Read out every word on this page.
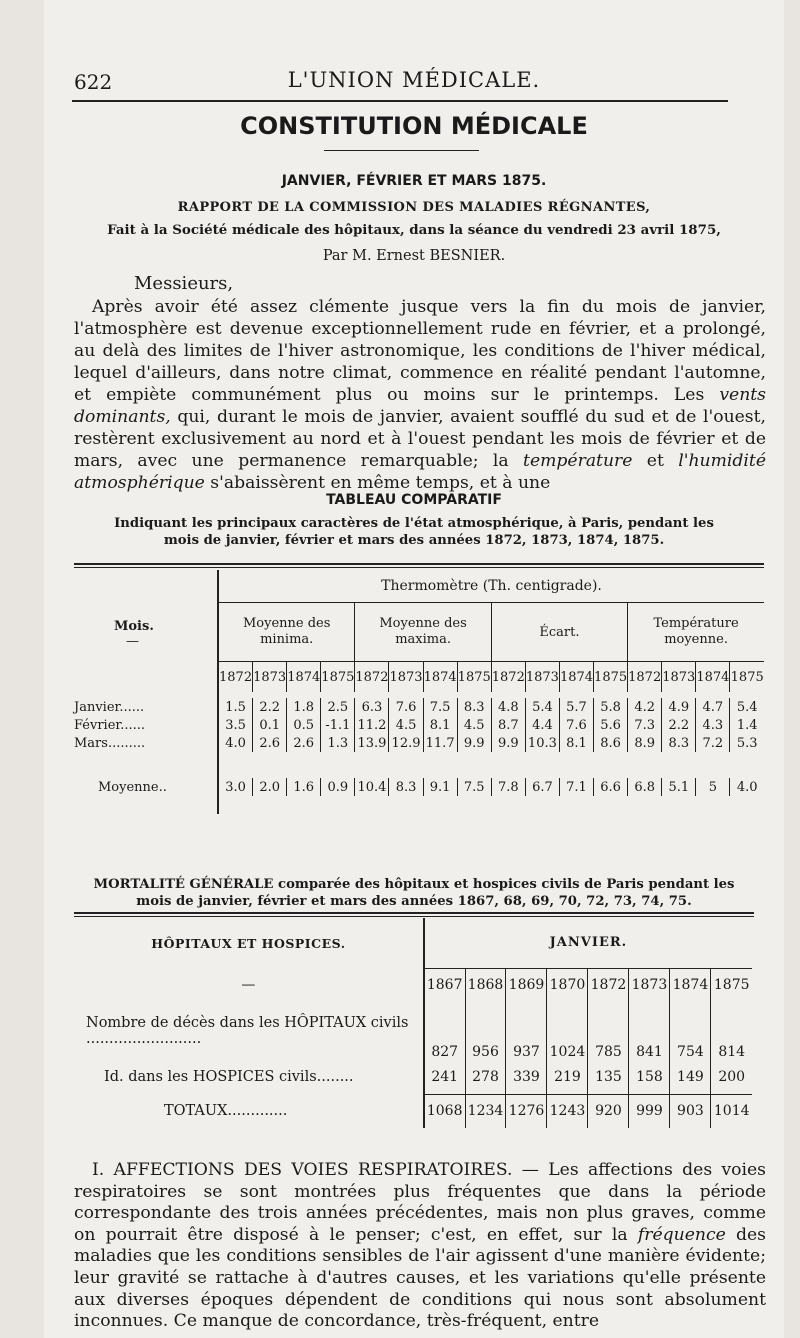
622	L'UNION MÉDICALE.
CONSTITUTION MÉDICALE
JANVIER, FÉVRIER ET MARS 1875.
RAPPORT DE LA COMMISSION DES MALADIES RÉGNANTES,
Fait à la Société médicale des hôpitaux, dans la séance du vendredi 23 avril 1875,
Par M. Ernest BESNIER.
Messieurs,

Après avoir été assez clémente jusque vers la fin du mois de janvier, l'atmosphère est devenue exceptionnellement rude en février, et a prolongé, au delà des limites de l'hiver astronomique, les conditions de l'hiver médical, lequel d'ailleurs, dans notre climat, commence en réalité pendant l'automne, et empiète communément plus ou moins sur le printemps. Les vents dominants, qui, durant le mois de janvier, avaient soufflé du sud et de l'ouest, restèrent exclusivement au nord et à l'ouest pendant les mois de février et de mars, avec une permanence remarquable; la température et l'humidité atmosphérique s'abaissèrent en même temps, et à une

TABLEAU COMPARATIF
Indiquant les principaux caractères de l'état atmosphérique, à Paris, pendant les mois de janvier, février et mars des années 1872, 1873, 1874, 1875.
Mois.
—	Thermomètre (Th. centigrade).															
	Moyenne des minima.				Moyenne des maxima.				Écart.				Température moyenne.			
	1872	1873	1874	1875	1872	1873	1874	1875	1872	1873	1874	1875	1872	1873	1874	1875

Janvier......	1.5	2.2	1.8	2.5	6.3	7.6	7.5	8.3	4.8	5.4	5.7	5.8	4.2	4.9	4.7	5.4
Février......	3.5	0.1	0.5	-1.1	11.2	4.5	8.1	4.5	8.7	4.4	7.6	5.6	7.3	2.2	4.3	1.4
Mars.........	4.0	2.6	2.6	1.3	13.9	12.9	11.7	9.9	9.9	10.3	8.1	8.6	8.9	8.3	7.2	5.3

Moyenne..	3.0	2.0	1.6	0.9	10.4	8.3	9.1	7.5	7.8	6.7	7.1	6.6	6.8	5.1	5	4.0

MORTALITÉ GÉNÉRALE comparée des hôpitaux et hospices civils de Paris pendant les mois de janvier, février et mars des années 1867, 68, 69, 70, 72, 73, 74, 75.
HÔPITAUX ET HOSPICES.	JANVIER.							
—	1867	1868	1869	1870	1872	1873	1874	1875
Nombre de décès dans les HÔPITAUX civils .........................	827	956	937	1024	785	841	754	814
Id. dans les HOSPICES civils........	241	278	339	219	135	158	149	200
TOTAUX.............	1068	1234	1276	1243	920	999	903	1014

I. AFFECTIONS DES VOIES RESPIRATOIRES. — Les affections des voies respiratoires se sont montrées plus fréquentes que dans la période correspondante des trois années précédentes, mais non plus graves, comme on pourrait être disposé à le penser; c'est, en effet, sur la fréquence des maladies que les conditions sensibles de l'air agissent d'une manière évidente; leur gravité se rattache à d'autres causes, et les variations qu'elle présente aux diverses époques dépendent de conditions qui nous sont absolument inconnues. Ce manque de concordance, très-fréquent, entre
